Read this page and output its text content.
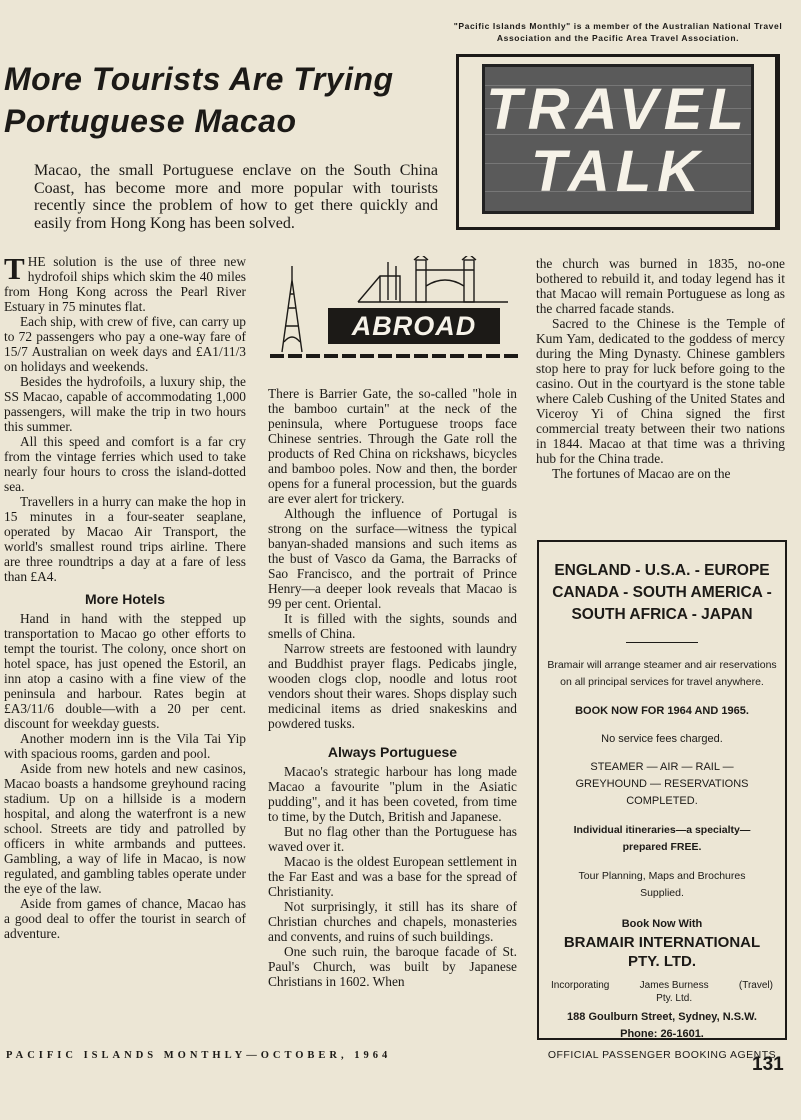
"Pacific Islands Monthly" is a member of the Australian National Travel Association and the Pacific Area Travel Association.
More Tourists Are Trying
Portuguese Macao	TRAVEL
TALK

Macao, the small Portuguese enclave on the South China Coast, has become more and more popular with tourists recently since the problem of how to get there quickly and easily from Hong Kong has been solved.

THE solution is the use of three new hydrofoil ships which skim the 40 miles from Hong Kong across the Pearl River Estuary in 75 minutes flat.

Each ship, with crew of five, can carry up to 72 passengers who pay a one-way fare of 15/7 Australian on week days and £A1/11/3 on holidays and weekends.

Besides the hydrofoils, a luxury ship, the SS Macao, capable of accommodating 1,000 passengers, will make the trip in two hours this summer.

All this speed and comfort is a far cry from the vintage ferries which used to take nearly four hours to cross the island-dotted sea.

Travellers in a hurry can make the hop in 15 minutes in a four-seater seaplane, operated by Macao Air Transport, the world's smallest round trips airline. There are three roundtrips a day at a fare of less than £A4.

More Hotels

Hand in hand with the stepped up transportation to Macao go other efforts to tempt the tourist. The colony, once short on hotel space, has just opened the Estoril, an inn atop a casino with a fine view of the peninsula and harbour. Rates begin at £A3/11/6 double—with a 20 per cent. discount for weekday guests.

Another modern inn is the Vila Tai Yip with spacious rooms, garden and pool.

Aside from new hotels and new casinos, Macao boasts a handsome greyhound racing stadium. Up on a hillside is a modern hospital, and along the waterfront is a new school. Streets are tidy and patrolled by officers in white armbands and puttees. Gambling, a way of life in Macao, is now regulated, and gambling tables operate under the eye of the law.

Aside from games of chance, Macao has a good deal to offer the tourist in search of adventure.

ABROAD

There is Barrier Gate, the so-called "hole in the bamboo curtain" at the neck of the peninsula, where Portuguese troops face Chinese sentries. Through the Gate roll the products of Red China on rickshaws, bicycles and bamboo poles. Now and then, the border opens for a funeral procession, but the guards are ever alert for trickery.

Although the influence of Portugal is strong on the surface—witness the typical banyan-shaded mansions and such items as the bust of Vasco da Gama, the Barracks of Sao Francisco, and the portrait of Prince Henry—a deeper look reveals that Macao is 99 per cent. Oriental.

It is filled with the sights, sounds and smells of China.

Narrow streets are festooned with laundry and Buddhist prayer flags. Pedicabs jingle, wooden clogs clop, noodle and lotus root vendors shout their wares. Shops display such medicinal items as dried snakeskins and powdered tusks.

Always Portuguese

Macao's strategic harbour has long made Macao a favourite "plum in the Asiatic pudding", and it has been coveted, from time to time, by the Dutch, British and Japanese.

But no flag other than the Portuguese has waved over it.

Macao is the oldest European settlement in the Far East and was a base for the spread of Christianity.

Not surprisingly, it still has its share of Christian churches and chapels, monasteries and convents, and ruins of such buildings.

One such ruin, the baroque facade of St. Paul's Church, was built by Japanese Christians in 1602. When

the church was burned in 1835, no-one bothered to rebuild it, and today legend has it that Macao will remain Portuguese as long as the charred facade stands.

Sacred to the Chinese is the Temple of Kum Yam, dedicated to the goddess of mercy during the Ming Dynasty. Chinese gamblers stop here to pray for luck before going to the casino. Out in the courtyard is the stone table where Caleb Cushing of the United States and Viceroy Yi of China signed the first commercial treaty between their two nations in 1844. Macao at that time was a thriving hub for the China trade.

The fortunes of Macao are on the

ENGLAND - U.S.A. - EUROPE
CANADA - SOUTH AMERICA -
SOUTH AFRICA - JAPAN

Bramair will arrange steamer and air reservations on all principal services for travel anywhere.

BOOK NOW FOR 1964 AND 1965.

No service fees charged.

STEAMER — AIR — RAIL —
GREYHOUND — RESERVATIONS
COMPLETED.
Individual itineraries—a specialty—
prepared FREE.
Tour Planning, Maps and Brochures
Supplied.

Book Now With

BRAMAIR INTERNATIONAL
PTY. LTD.
Incorporating	James Burness Pty. Ltd.
(Travel)

188 Goulburn Street, Sydney, N.S.W.

Phone: 26-1601.

OFFICIAL PASSENGER BOOKING AGENTS

PACIFIC ISLANDS MONTHLY—OCTOBER, 1964	131
